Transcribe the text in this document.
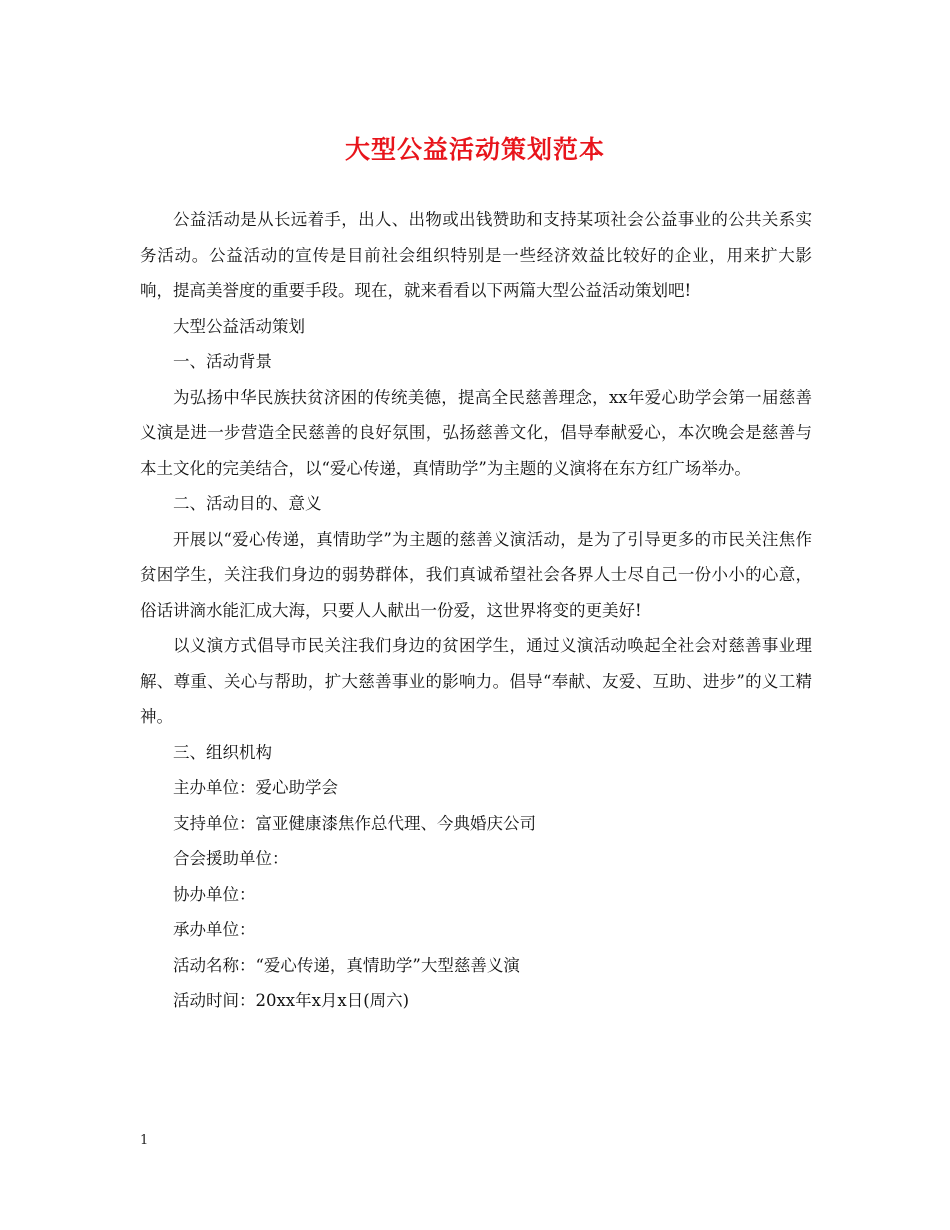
大型公益活动策划范本

公益活动是从长远着手，出人、出物或出钱赞助和支持某项社会公益事业的公共关系实务活动。公益活动的宣传是目前社会组织特别是一些经济效益比较好的企业，用来扩大影响，提高美誉度的重要手段。现在，就来看看以下两篇大型公益活动策划吧!

大型公益活动策划

一、活动背景

为弘扬中华民族扶贫济困的传统美德，提高全民慈善理念，xx年爱心助学会第一届慈善义演是进一步营造全民慈善的良好氛围，弘扬慈善文化，倡导奉献爱心，本次晚会是慈善与本土文化的完美结合，以“爱心传递，真情助学”为主题的义演将在东方红广场举办。

二、活动目的、意义

开展以“爱心传递，真情助学”为主题的慈善义演活动，是为了引导更多的市民关注焦作贫困学生，关注我们身边的弱势群体，我们真诚希望社会各界人士尽自己一份小小的心意，俗话讲滴水能汇成大海，只要人人献出一份爱，这世界将变的更美好!

以义演方式倡导市民关注我们身边的贫困学生，通过义演活动唤起全社会对慈善事业理解、尊重、关心与帮助，扩大慈善事业的影响力。倡导“奉献、友爱、互助、进步”的义工精神。

三、组织机构

主办单位：爱心助学会

支持单位：富亚健康漆焦作总代理、今典婚庆公司

合会援助单位：

协办单位：

承办单位：

活动名称：“爱心传递，真情助学”大型慈善义演

活动时间：20xx年x月x日(周六)

1
